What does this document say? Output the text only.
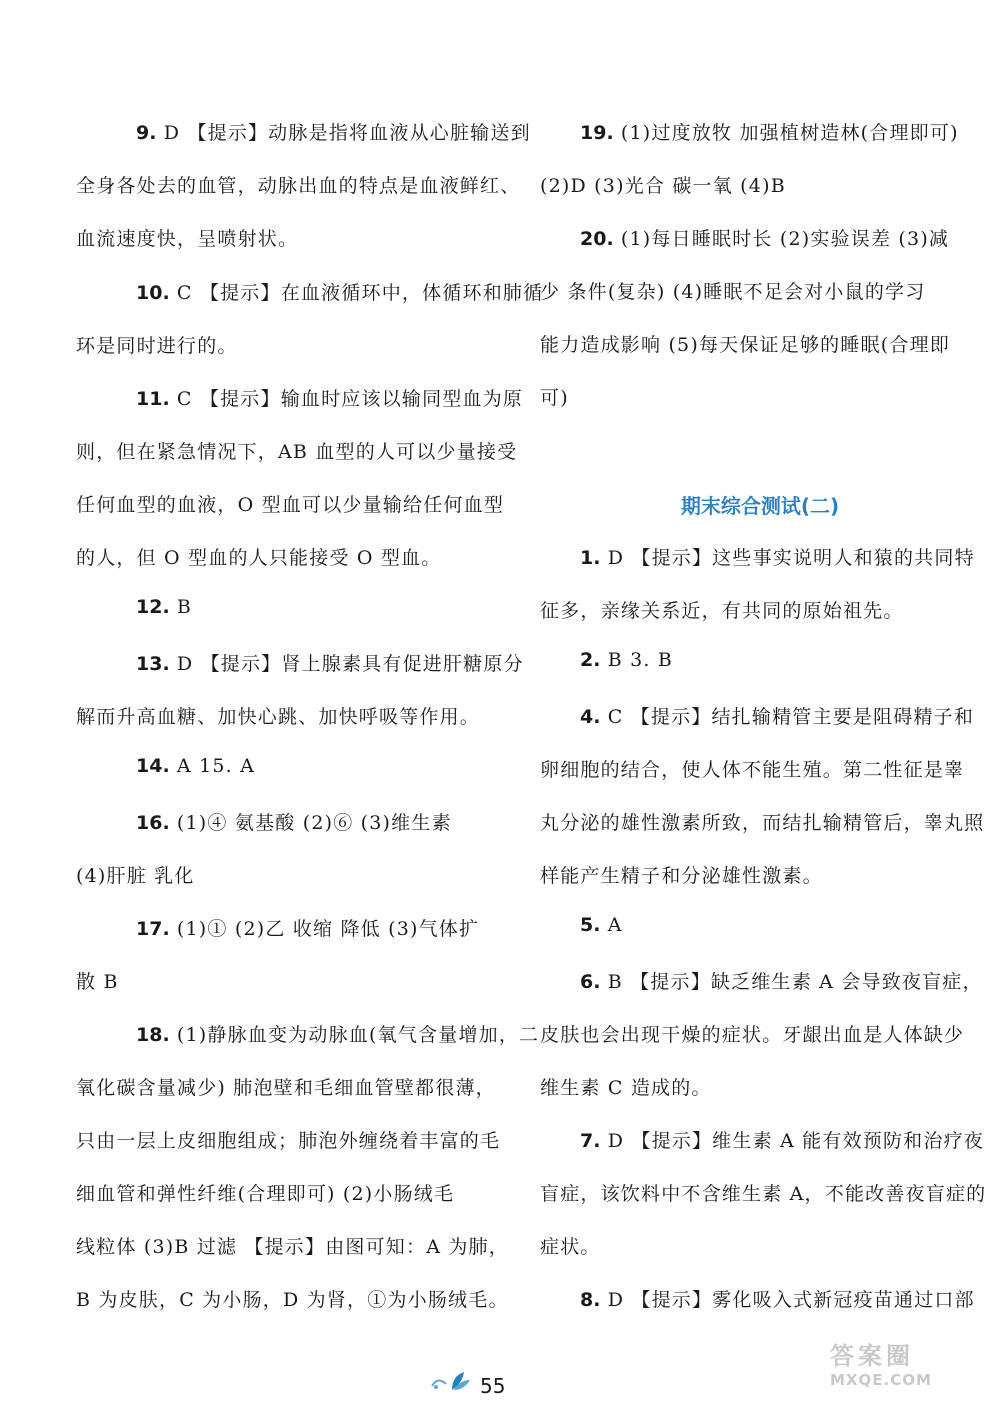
9. D 【提示】动脉是指将血液从心脏输送到
全身各处去的血管，动脉出血的特点是血液鲜红、
血流速度快，呈喷射状。
10. C 【提示】在血液循环中，体循环和肺循
环是同时进行的。
11. C 【提示】输血时应该以输同型血为原
则，但在紧急情况下，AB 血型的人可以少量接受
任何血型的血液，O 型血可以少量输给任何血型
的人，但 O 型血的人只能接受 O 型血。
12. B
13. D 【提示】肾上腺素具有促进肝糖原分
解而升高血糖、加快心跳、加快呼吸等作用。
14. A 15. A
16. (1)④ 氨基酸 (2)⑥ (3)维生素
(4)肝脏 乳化
17. (1)① (2)乙 收缩 降低 (3)气体扩
散 B
18. (1)静脉血变为动脉血(氧气含量增加，二
氧化碳含量减少) 肺泡壁和毛细血管壁都很薄，
只由一层上皮细胞组成；肺泡外缠绕着丰富的毛
细血管和弹性纤维(合理即可) (2)小肠绒毛
线粒体 (3)B 过滤 【提示】由图可知：A 为肺，
B 为皮肤，C 为小肠，D 为肾，①为小肠绒毛。
19. (1)过度放牧 加强植树造林(合理即可)
(2)D (3)光合 碳一氧 (4)B
20. (1)每日睡眠时长 (2)实验误差 (3)减
少 条件(复杂) (4)睡眠不足会对小鼠的学习
能力造成影响 (5)每天保证足够的睡眠(合理即
可)
期末综合测试(二)
1. D 【提示】这些事实说明人和猿的共同特
征多，亲缘关系近，有共同的原始祖先。
2. B 3. B
4. C 【提示】结扎输精管主要是阻碍精子和
卵细胞的结合，使人体不能生殖。第二性征是睾
丸分泌的雄性激素所致，而结扎输精管后，睾丸照
样能产生精子和分泌雄性激素。
5. A
6. B 【提示】缺乏维生素 A 会导致夜盲症，
皮肤也会出现干燥的症状。牙龈出血是人体缺少
维生素 C 造成的。
7. D 【提示】维生素 A 能有效预防和治疗夜
盲症，该饮料中不含维生素 A，不能改善夜盲症的
症状。
8. D 【提示】雾化吸入式新冠疫苗通过口部
55
答案圈
MXQE.COM
